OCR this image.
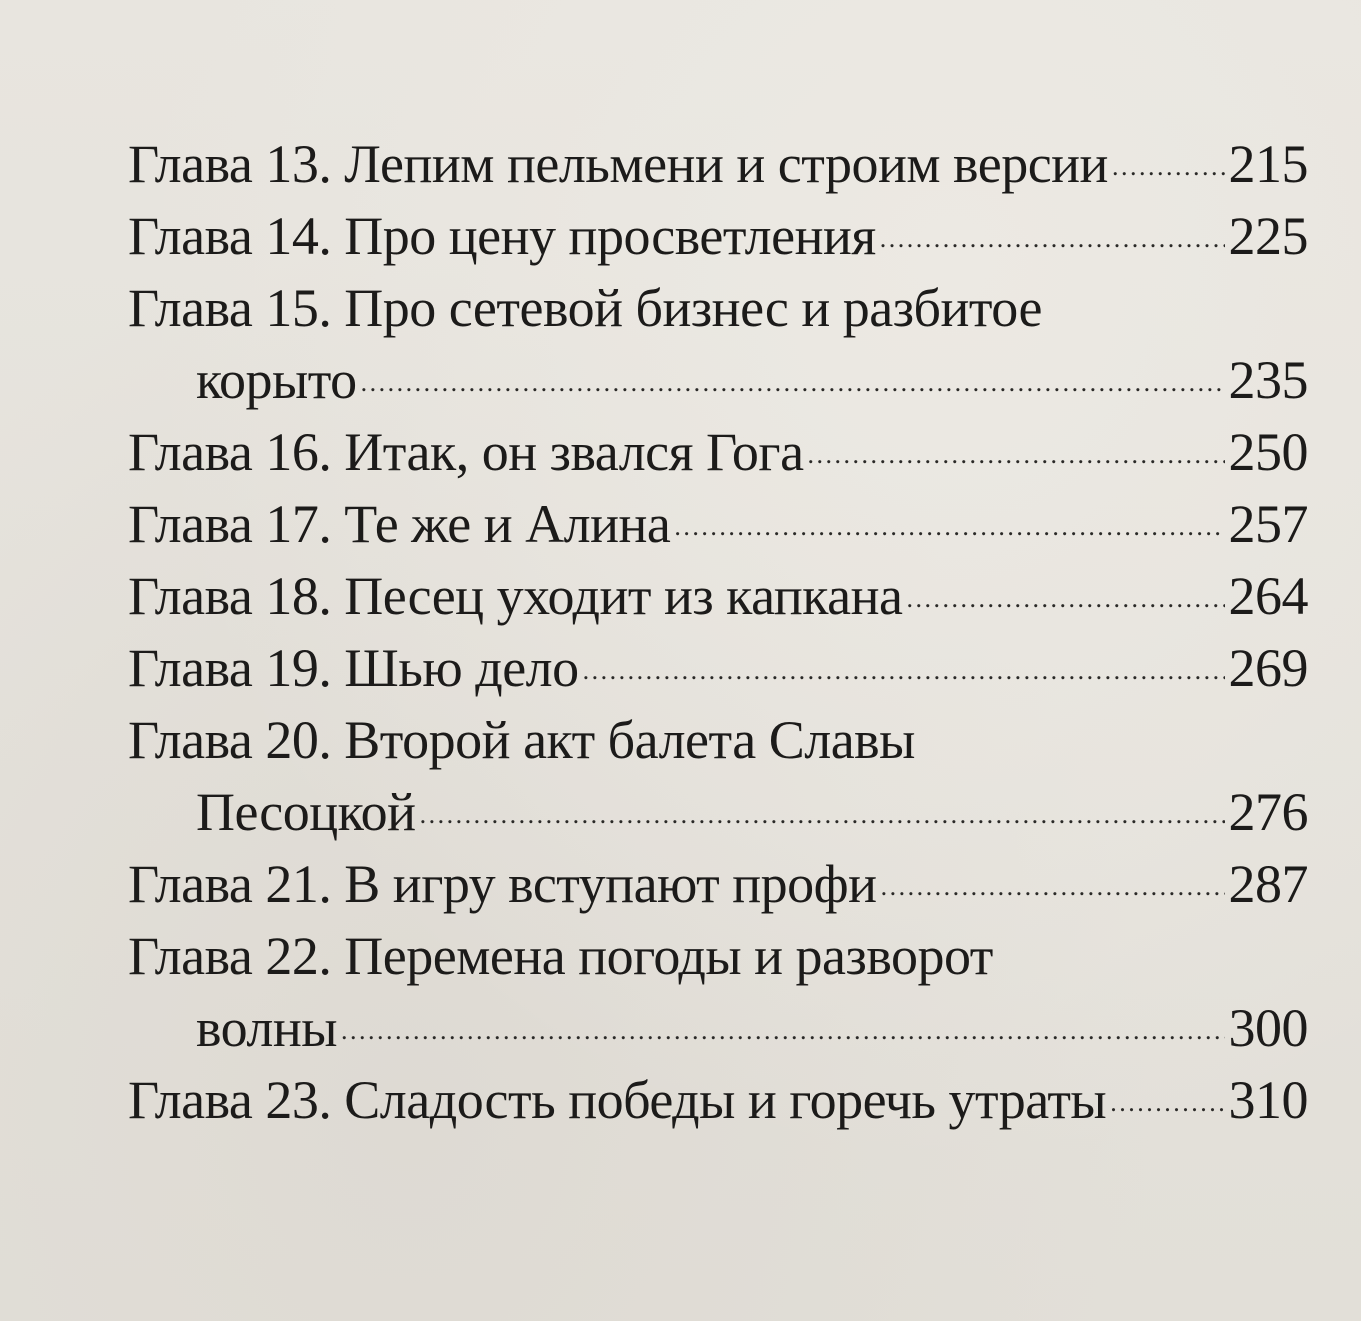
Глава 13. Лепим пельмени и строим версии . . . 215
Глава 14. Про цену просветления . . .	225
Глава 15. Про сетевой бизнес и разбитое
корыто . . .	235
Глава 16. Итак, он звался Гога . . .	250
Глава 17. Те же и Алина . . .	257
Глава 18. Песец уходит из капкана . . .	264
Глава 19. Шью дело . . .	269
Глава 20. Второй акт балета Славы
Песоцкой . . .	276
Глава 21. В игру вступают профи . . .	287
Глава 22. Перемена погоды и разворот
волны . . .	300
Глава 23. Сладость победы и горечь утраты . . . 310
